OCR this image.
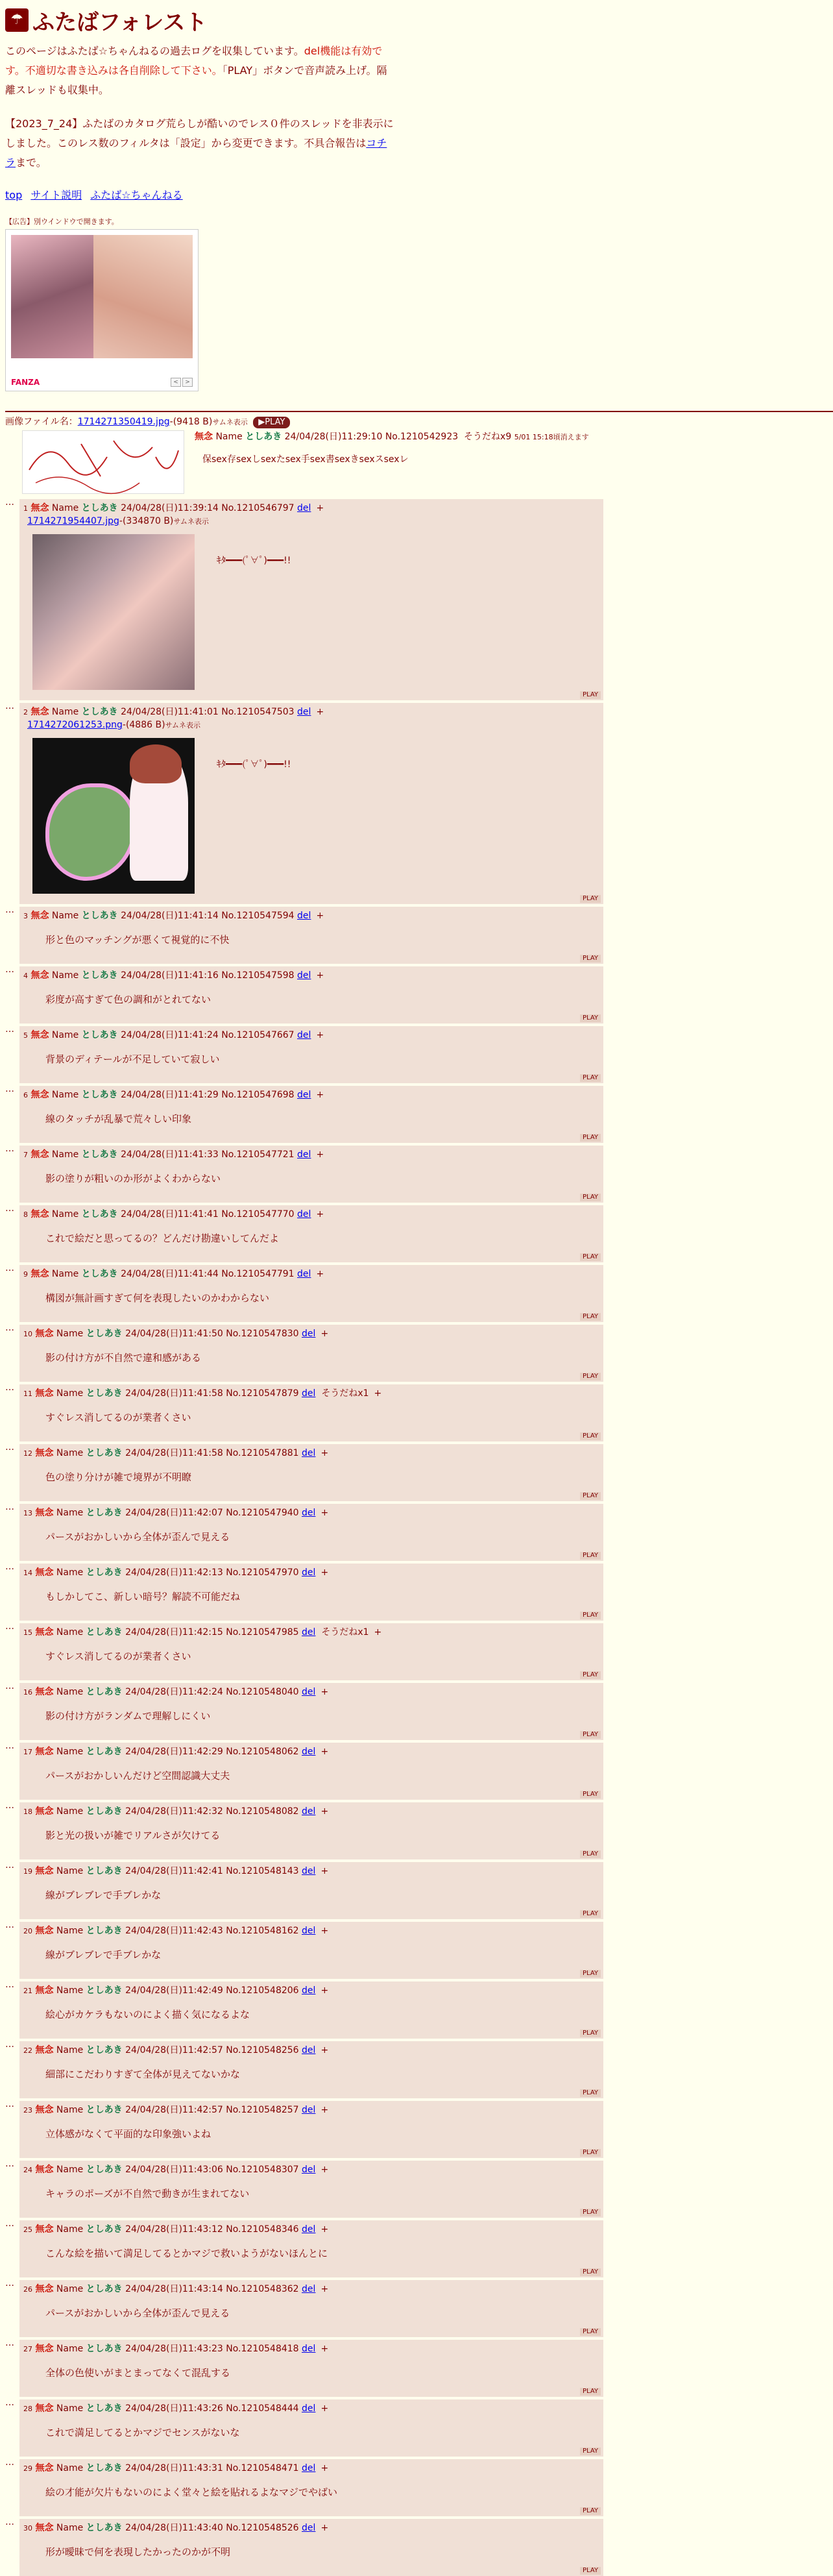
☂ ふたばフォレスト

このページはふたば☆ちゃんねるの過去ログを収集しています。del機能は有効です。不適切な書き込みは各自削除して下さい。「PLAY」ボタンで音声読み上げ。隔離スレッドも収集中。

【2023_7_24】ふたばのカタログ荒らしが酷いのでレス０件のスレッドを非表示にしました。このレス数のフィルタは「設定」から変更できます。不具合報告はコチラまで。

top サイト説明 ふたば☆ちゃんねる
【広告】別ウインドウで開きます。
FANZA	<	>
画像ファイル名：1714271350419.jpg-(9418 B)サムネ表示 ▶PLAY
無念 Name としあき 24/04/28(日)11:29:10 No.1210542923 そうだねx9 5/01 15:18頃消えます
保sex存sexしsexたsex手sex書sexきsexスsexレ
…
1 無念 Name としあき 24/04/28(日)11:39:14 No.1210546797 del +
1714271954407.jpg-(334870 B)サムネ表示
ｷﾀ━━━(ﾟ∀ﾟ)━━━!!
PLAY
…
2 無念 Name としあき 24/04/28(日)11:41:01 No.1210547503 del +
1714272061253.png-(4886 B)サムネ表示
ｷﾀ━━━(ﾟ∀ﾟ)━━━!!
PLAY
…
3 無念 Name としあき 24/04/28(日)11:41:14 No.1210547594 del +
形と色のマッチングが悪くて視覚的に不快
PLAY
…
4 無念 Name としあき 24/04/28(日)11:41:16 No.1210547598 del +
彩度が高すぎて色の調和がとれてない
PLAY
…
5 無念 Name としあき 24/04/28(日)11:41:24 No.1210547667 del +
背景のディテールが不足していて寂しい
PLAY
…
6 無念 Name としあき 24/04/28(日)11:41:29 No.1210547698 del +
線のタッチが乱暴で荒々しい印象
PLAY
…
7 無念 Name としあき 24/04/28(日)11:41:33 No.1210547721 del +
影の塗りが粗いのか形がよくわからない
PLAY
…
8 無念 Name としあき 24/04/28(日)11:41:41 No.1210547770 del +
これで絵だと思ってるの？どんだけ勘違いしてんだよ
PLAY
…
9 無念 Name としあき 24/04/28(日)11:41:44 No.1210547791 del +
構図が無計画すぎて何を表現したいのかわからない
PLAY
…
10 無念 Name としあき 24/04/28(日)11:41:50 No.1210547830 del +
影の付け方が不自然で違和感がある
PLAY
…
11 無念 Name としあき 24/04/28(日)11:41:58 No.1210547879 del そうだねx1 +
すぐレス消してるのが業者くさい
PLAY
…
12 無念 Name としあき 24/04/28(日)11:41:58 No.1210547881 del +
色の塗り分けが雑で境界が不明瞭
PLAY
…
13 無念 Name としあき 24/04/28(日)11:42:07 No.1210547940 del +
パースがおかしいから全体が歪んで見える
PLAY
…
14 無念 Name としあき 24/04/28(日)11:42:13 No.1210547970 del +
もしかしてこ、新しい暗号？解読不可能だね
PLAY
…
15 無念 Name としあき 24/04/28(日)11:42:15 No.1210547985 del そうだねx1 +
すぐレス消してるのが業者くさい
PLAY
…
16 無念 Name としあき 24/04/28(日)11:42:24 No.1210548040 del +
影の付け方がランダムで理解しにくい
PLAY
…
17 無念 Name としあき 24/04/28(日)11:42:29 No.1210548062 del +
パースがおかしいんだけど空間認識大丈夫
PLAY
…
18 無念 Name としあき 24/04/28(日)11:42:32 No.1210548082 del +
影と光の扱いが雑でリアルさが欠けてる
PLAY
…
19 無念 Name としあき 24/04/28(日)11:42:41 No.1210548143 del +
線がブレブレで手ブレかな
PLAY
…
20 無念 Name としあき 24/04/28(日)11:42:43 No.1210548162 del +
線がブレブレで手ブレかな
PLAY
…
21 無念 Name としあき 24/04/28(日)11:42:49 No.1210548206 del +
絵心がカケラもないのによく描く気になるよな
PLAY
…
22 無念 Name としあき 24/04/28(日)11:42:57 No.1210548256 del +
細部にこだわりすぎて全体が見えてないかな
PLAY
…
23 無念 Name としあき 24/04/28(日)11:42:57 No.1210548257 del +
立体感がなくて平面的な印象強いよね
PLAY
…
24 無念 Name としあき 24/04/28(日)11:43:06 No.1210548307 del +
キャラのポーズが不自然で動きが生まれてない
PLAY
…
25 無念 Name としあき 24/04/28(日)11:43:12 No.1210548346 del +
こんな絵を描いて満足してるとかマジで救いようがないほんとに
PLAY
…
26 無念 Name としあき 24/04/28(日)11:43:14 No.1210548362 del +
パースがおかしいから全体が歪んで見える
PLAY
…
27 無念 Name としあき 24/04/28(日)11:43:23 No.1210548418 del +
全体の色使いがまとまってなくて混乱する
PLAY
…
28 無念 Name としあき 24/04/28(日)11:43:26 No.1210548444 del +
これで満足してるとかマジでセンスがないな
PLAY
…
29 無念 Name としあき 24/04/28(日)11:43:31 No.1210548471 del +
絵の才能が欠片もないのによく堂々と絵を貼れるよなマジでやばい
PLAY
…
30 無念 Name としあき 24/04/28(日)11:43:40 No.1210548526 del +
形が曖昧で何を表現したかったのかが不明
PLAY
